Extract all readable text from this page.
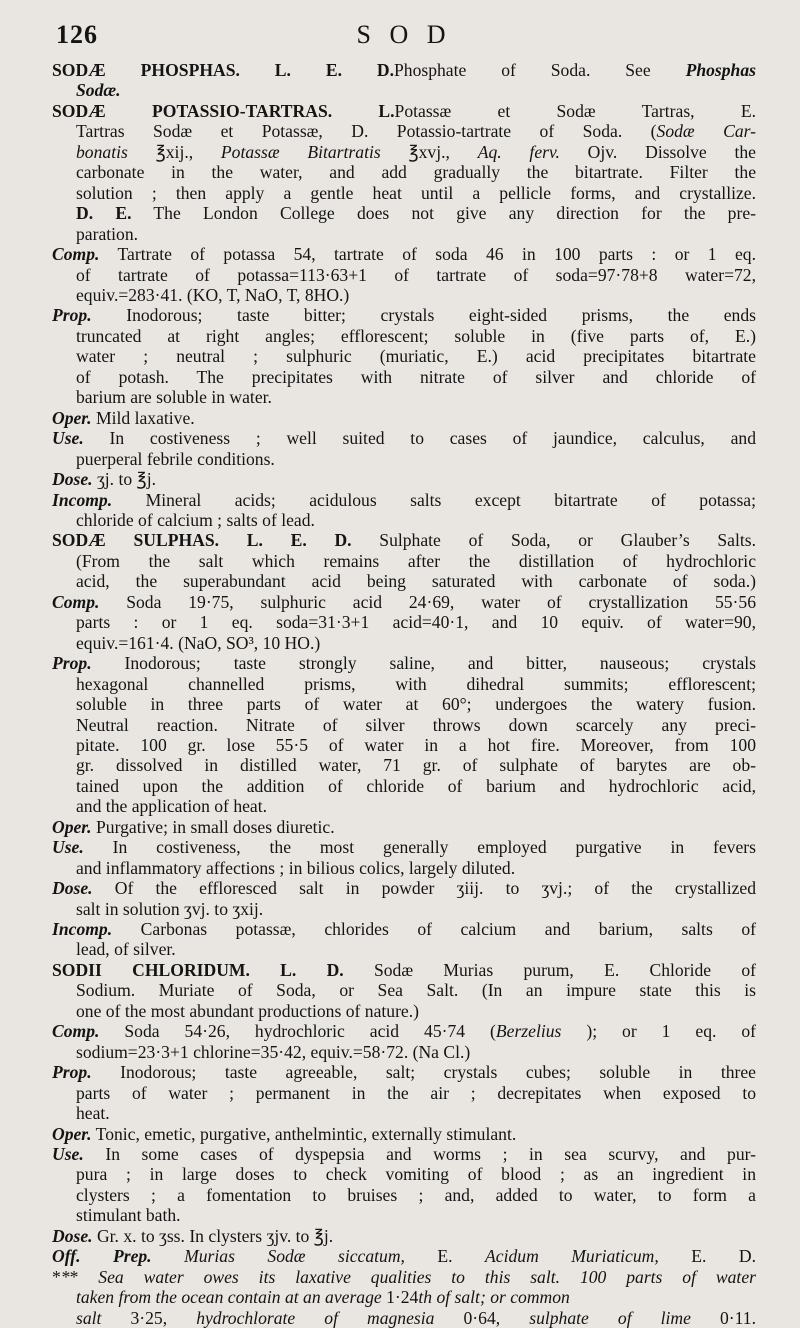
126	S O D
SODÆ PHOSPHAS. L. E. D.Phosphate of Soda. See Phosphas
Sodæ.
SODÆ POTASSIO-TARTRAS. L.Potassæ et Sodæ Tartras, E.
Tartras Sodæ et Potassæ, D. Potassio-tartrate of Soda. (Sodæ Car-
bonatis ℥xij., Potassæ Bitartratis ℥xvj., Aq. ferv. Ojv. Dissolve the
carbonate in the water, and add gradually the bitartrate. Filter the
solution ; then apply a gentle heat until a pellicle forms, and crystallize.
D. E. The London College does not give any direction for the pre-
paration.
Comp. Tartrate of potassa 54, tartrate of soda 46 in 100 parts : or 1 eq.
of tartrate of potassa=113·63+1 of tartrate of soda=97·78+8 water=72,
equiv.=283·41. (KO, T, NaO, T, 8HO.)
Prop. Inodorous; taste bitter; crystals eight-sided prisms, the ends
truncated at right angles; efflorescent; soluble in (five parts of, E.)
water ; neutral ; sulphuric (muriatic, E.) acid precipitates bitartrate
of potash. The precipitates with nitrate of silver and chloride of
barium are soluble in water.
Oper. Mild laxative.
Use. In costiveness ; well suited to cases of jaundice, calculus, and
puerperal febrile conditions.
Dose. ʒj. to ℥j.
Incomp. Mineral acids; acidulous salts except bitartrate of potassa;
chloride of calcium ; salts of lead.
SODÆ SULPHAS. L. E. D. Sulphate of Soda, or Glauber’s Salts.
(From the salt which remains after the distillation of hydrochloric
acid, the superabundant acid being saturated with carbonate of soda.)
Comp. Soda 19·75, sulphuric acid 24·69, water of crystallization 55·56
parts : or 1 eq. soda=31·3+1 acid=40·1, and 10 equiv. of water=90,
equiv.=161·4. (NaO, SO³, 10 HO.)
Prop. Inodorous; taste strongly saline, and bitter, nauseous; crystals
hexagonal channelled prisms, with dihedral summits; efflorescent;
soluble in three parts of water at 60°; undergoes the watery fusion.
Neutral reaction. Nitrate of silver throws down scarcely any preci-
pitate. 100 gr. lose 55·5 of water in a hot fire. Moreover, from 100
gr. dissolved in distilled water, 71 gr. of sulphate of barytes are ob-
tained upon the addition of chloride of barium and hydrochloric acid,
and the application of heat.
Oper. Purgative; in small doses diuretic.
Use. In costiveness, the most generally employed purgative in fevers
and inflammatory affections ; in bilious colics, largely diluted.
Dose. Of the effloresced salt in powder ʒiij. to ʒvj.; of the crystallized
salt in solution ʒvj. to ʒxij.
Incomp. Carbonas potassæ, chlorides of calcium and barium, salts of
lead, of silver.
SODII CHLORIDUM. L. D. Sodæ Murias purum, E. Chloride of
Sodium. Muriate of Soda, or Sea Salt. (In an impure state this is
one of the most abundant productions of nature.)
Comp. Soda 54·26, hydrochloric acid 45·74 (Berzelius ); or 1 eq. of
sodium=23·3+1 chlorine=35·42, equiv.=58·72. (Na Cl.)
Prop. Inodorous; taste agreeable, salt; crystals cubes; soluble in three
parts of water ; permanent in the air ; decrepitates when exposed to
heat.
Oper. Tonic, emetic, purgative, anthelmintic, externally stimulant.
Use. In some cases of dyspepsia and worms ; in sea scurvy, and pur-
pura ; in large doses to check vomiting of blood ; as an ingredient in
clysters ; a fomentation to bruises ; and, added to water, to form a
stimulant bath.
Dose. Gr. x. to ʒss. In clysters ʒjv. to ℥j.
Off. Prep. Murias Sodæ siccatum, E. Acidum Muriaticum, E. D.
*** Sea water owes its laxative qualities to this salt. 100 parts of water
taken from the ocean contain at an average 1·24th of salt; or common
salt 3·25, hydrochlorate of magnesia 0·64, sulphate of lime 0·11.
